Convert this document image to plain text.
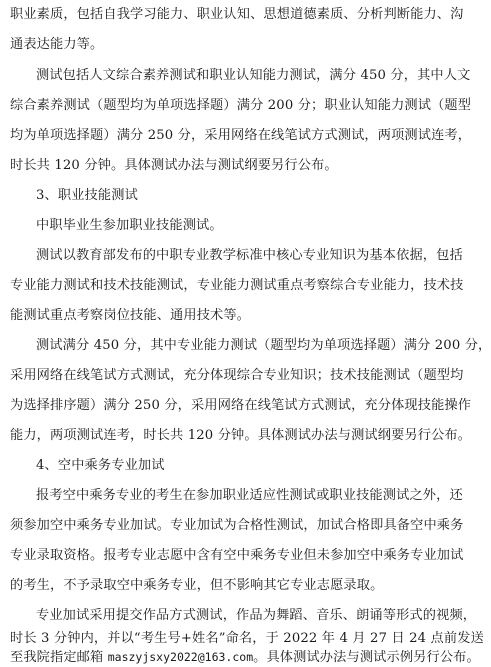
职业素质，包括自我学习能力、职业认知、思想道德素质、分析判断能力、沟
通表达能力等。
测试包括人文综合素养测试和职业认知能力测试，满分 450 分，其中人文
综合素养测试（题型均为单项选择题）满分 200 分；职业认知能力测试（题型
均为单项选择题）满分 250 分，采用网络在线笔试方式测试，两项测试连考，
时长共 120 分钟。具体测试办法与测试纲要另行公布。
3、职业技能测试
中职毕业生参加职业技能测试。
测试以教育部发布的中职专业教学标准中核心专业知识为基本依据，包括
专业能力测试和技术技能测试，专业能力测试重点考察综合专业能力，技术技
能测试重点考察岗位技能、通用技术等。
测试满分 450 分，其中专业能力测试（题型均为单项选择题）满分 200 分，
采用网络在线笔试方式测试，充分体现综合专业知识；技术技能测试（题型均
为选择排序题）满分 250 分，采用网络在线笔试方式测试，充分体现技能操作
能力，两项测试连考，时长共 120 分钟。具体测试办法与测试纲要另行公布。
4、空中乘务专业加试
报考空中乘务专业的考生在参加职业适应性测试或职业技能测试之外，还
须参加空中乘务专业加试。专业加试为合格性测试，加试合格即具备空中乘务
专业录取资格。报考专业志愿中含有空中乘务专业但未参加空中乘务专业加试
的考生，不予录取空中乘务专业，但不影响其它专业志愿录取。
专业加试采用提交作品方式测试，作品为舞蹈、音乐、朗诵等形式的视频，
时长 3 分钟内，并以“考生号+姓名”命名，于 2022 年 4 月 27 日 24 点前发送
至我院指定邮箱 maszyjsxy2022@163.com。具体测试办法与测试示例另行公布。
